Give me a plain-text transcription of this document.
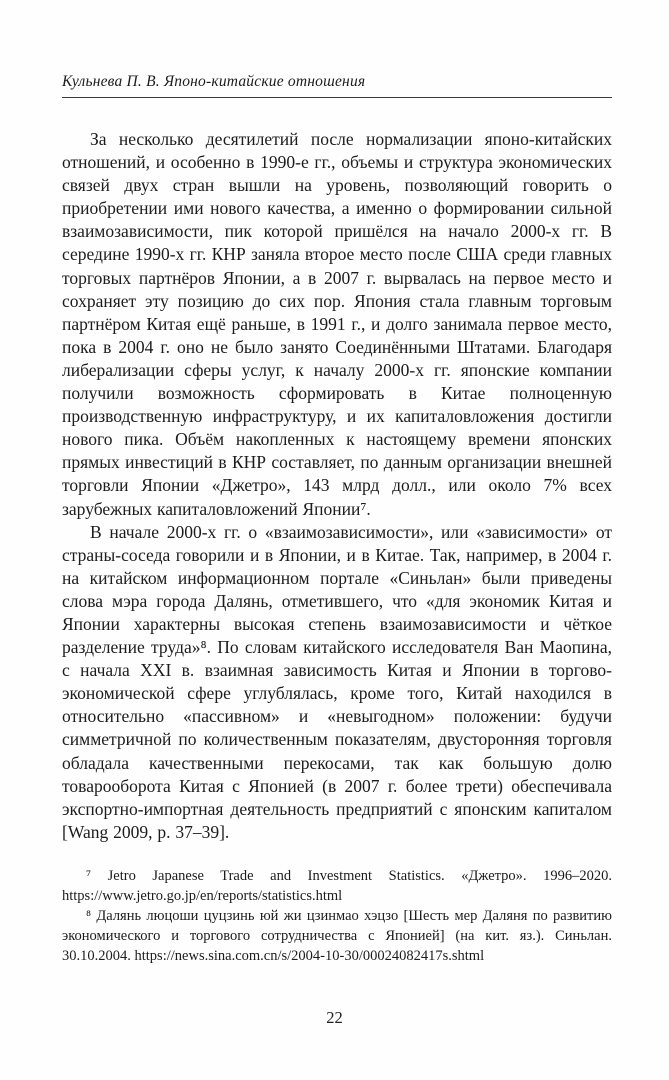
Кульнева П. В. Японо-китайские отношения

За несколько десятилетий после нормализации японо-китайских отношений, и особенно в 1990-е гг., объемы и структура экономических связей двух стран вышли на уровень, позволяющий говорить о приобретении ими нового качества, а именно о формировании сильной взаимозависимости, пик которой пришёлся на начало 2000-х гг. В середине 1990-х гг. КНР заняла второе место после США среди главных торговых партнёров Японии, а в 2007 г. вырвалась на первое место и сохраняет эту позицию до сих пор. Япония стала главным торговым партнёром Китая ещё раньше, в 1991 г., и долго занимала первое место, пока в 2004 г. оно не было занято Соединёнными Штатами. Благодаря либерализации сферы услуг, к началу 2000-х гг. японские компании получили возможность сформировать в Китае полноценную производственную инфраструктуру, и их капиталовложения достигли нового пика. Объём накопленных к настоящему времени японских прямых инвестиций в КНР составляет, по данным организации внешней торговли Японии «Джетро», 143 млрд долл., или около 7% всех зарубежных капиталовложений Японии⁷.

В начале 2000-х гг. о «взаимозависимости», или «зависимости» от страны-соседа говорили и в Японии, и в Китае. Так, например, в 2004 г. на китайском информационном портале «Синьлан» были приведены слова мэра города Далянь, отметившего, что «для экономик Китая и Японии характерны высокая степень взаимозависимости и чёткое разделение труда»⁸. По словам китайского исследователя Ван Маопина, с начала XXI в. взаимная зависимость Китая и Японии в торгово-экономической сфере углублялась, кроме того, Китай находился в относительно «пассивном» и «невыгодном» положении: будучи симметричной по количественным показателям, двусторонняя торговля обладала качественными перекосами, так как большую долю товарооборота Китая с Японией (в 2007 г. более трети) обеспечивала экспортно-импортная деятельность предприятий с японским капиталом [Wang 2009, p. 37–39].

⁷ Jetro Japanese Trade and Investment Statistics. «Джетро». 1996–2020. https://www.jetro.go.jp/en/reports/statistics.html

⁸ Далянь люцоши цуцзинь юй жи цзинмао хэцзо [Шесть мер Даляня по развитию экономического и торгового сотрудничества с Японией] (на кит. яз.). Синьлан. 30.10.2004. https://news.sina.com.cn/s/2004-10-30/00024082417s.shtml

22
